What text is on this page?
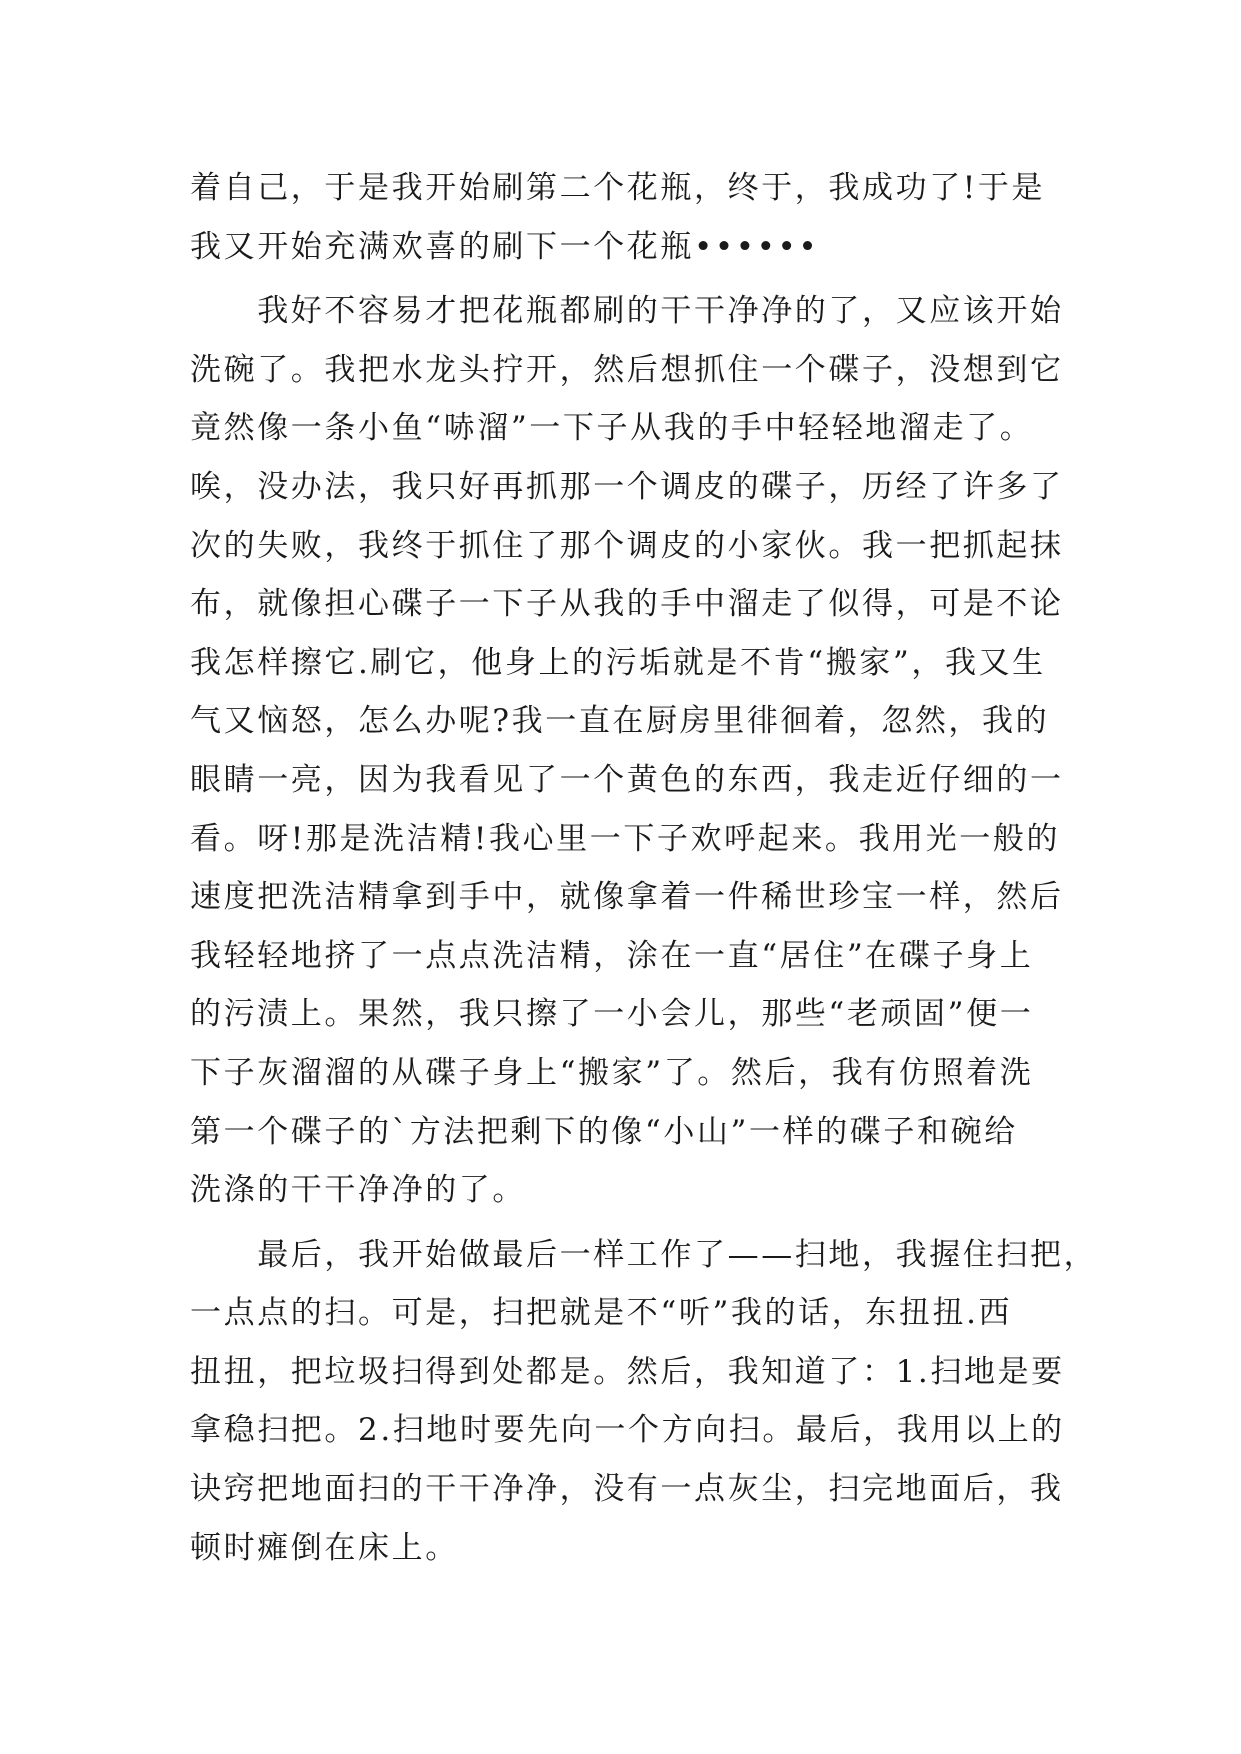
着自己，于是我开始刷第二个花瓶，终于，我成功了!于是
我又开始充满欢喜的刷下一个花瓶••••••
　　我好不容易才把花瓶都刷的干干净净的了，又应该开始
洗碗了。我把水龙头拧开，然后想抓住一个碟子，没想到它
竟然像一条小鱼“哧溜”一下子从我的手中轻轻地溜走了。
唉，没办法，我只好再抓那一个调皮的碟子，历经了许多了
次的失败，我终于抓住了那个调皮的小家伙。我一把抓起抹
布，就像担心碟子一下子从我的手中溜走了似得，可是不论
我怎样擦它.刷它，他身上的污垢就是不肯“搬家”，我又生
气又恼怒，怎么办呢?我一直在厨房里徘徊着，忽然，我的
眼睛一亮，因为我看见了一个黄色的东西，我走近仔细的一
看。呀!那是洗洁精!我心里一下子欢呼起来。我用光一般的
速度把洗洁精拿到手中，就像拿着一件稀世珍宝一样，然后
我轻轻地挤了一点点洗洁精，涂在一直“居住”在碟子身上
的污渍上。果然，我只擦了一小会儿，那些“老顽固”便一
下子灰溜溜的从碟子身上“搬家”了。然后，我有仿照着洗
第一个碟子的`方法把剩下的像“小山”一样的碟子和碗给
洗涤的干干净净的了。
　　最后，我开始做最后一样工作了——扫地，我握住扫把，
一点点的扫。可是，扫把就是不“听”我的话，东扭扭.西
扭扭，把垃圾扫得到处都是。然后，我知道了：1.扫地是要
拿稳扫把。2.扫地时要先向一个方向扫。最后，我用以上的
诀窍把地面扫的干干净净，没有一点灰尘，扫完地面后，我
顿时瘫倒在床上。
